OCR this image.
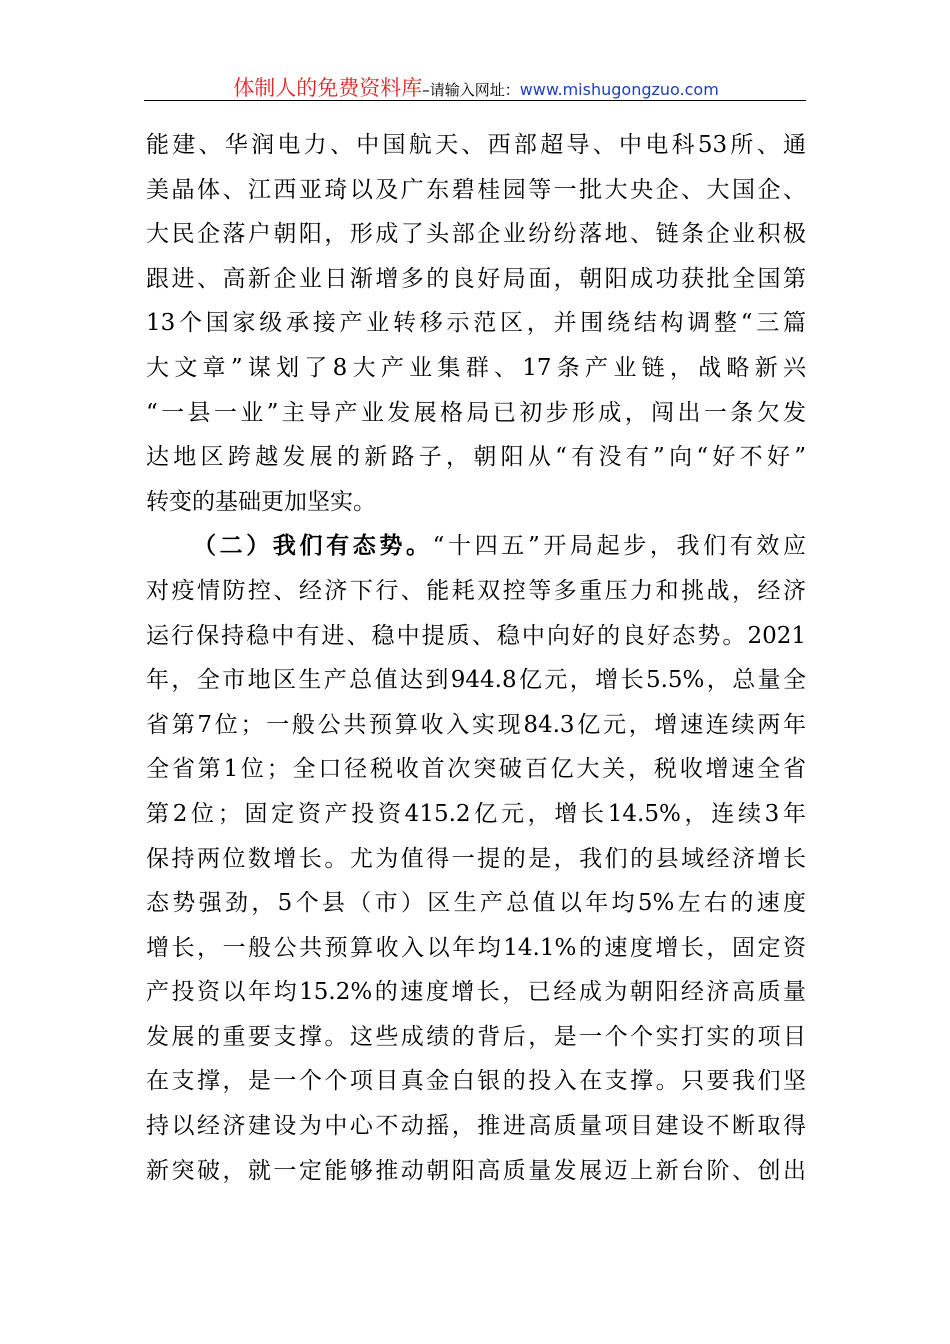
体制人的免费资料库–请输入网址：www.mishugongzuo.com
能建、华润电力、中国航天、西部超导、中电科53所、通
美晶体、江西亚琦以及广东碧桂园等一批大央企、大国企、
大民企落户朝阳，形成了头部企业纷纷落地、链条企业积极
跟进、高新企业日渐增多的良好局面，朝阳成功获批全国第
13个国家级承接产业转移示范区，并围绕结构调整“三篇
大文章”谋划了8大产业集群、17条产业链，战略新兴
“一县一业”主导产业发展格局已初步形成，闯出一条欠发
达地区跨越发展的新路子，朝阳从“有没有”向“好不好”
转变的基础更加坚实。
（二）我们有态势。“十四五”开局起步，我们有效应
对疫情防控、经济下行、能耗双控等多重压力和挑战，经济
运行保持稳中有进、稳中提质、稳中向好的良好态势。2021
年，全市地区生产总值达到944.8亿元，增长5.5%，总量全
省第7位；一般公共预算收入实现84.3亿元，增速连续两年
全省第1位；全口径税收首次突破百亿大关，税收增速全省
第2位；固定资产投资415.2亿元，增长14.5%，连续3年
保持两位数增长。尤为值得一提的是，我们的县域经济增长
态势强劲，5个县（市）区生产总值以年均5%左右的速度
增长，一般公共预算收入以年均14.1%的速度增长，固定资
产投资以年均15.2%的速度增长，已经成为朝阳经济高质量
发展的重要支撑。这些成绩的背后，是一个个实打实的项目
在支撑，是一个个项目真金白银的投入在支撑。只要我们坚
持以经济建设为中心不动摇，推进高质量项目建设不断取得
新突破，就一定能够推动朝阳高质量发展迈上新台阶、创出
